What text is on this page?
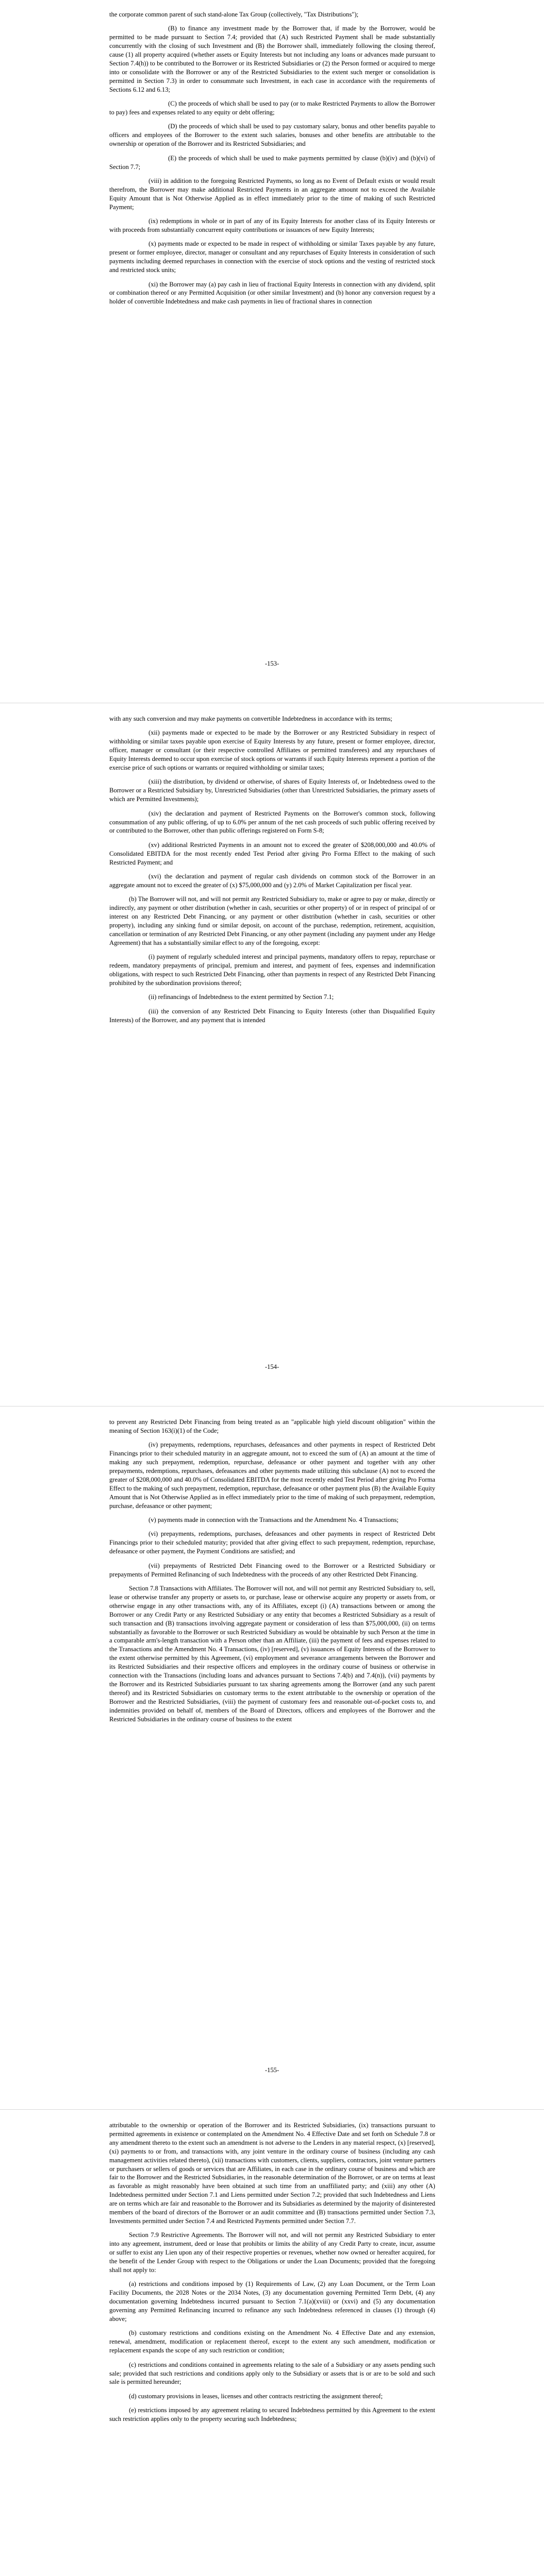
the corporate common parent of such stand-alone Tax Group (collectively, "Tax Distributions");

(B) to finance any investment made by the Borrower that, if made by the Borrower, would be permitted to be made pursuant to Section 7.4; provided that (A) such Restricted Payment shall be made substantially concurrently with the closing of such Investment and (B) the Borrower shall, immediately following the closing thereof, cause (1) all property acquired (whether assets or Equity Interests but not including any loans or advances made pursuant to Section 7.4(h)) to be contributed to the Borrower or its Restricted Subsidiaries or (2) the Person formed or acquired to merge into or consolidate with the Borrower or any of the Restricted Subsidiaries to the extent such merger or consolidation is permitted in Section 7.3) in order to consummate such Investment, in each case in accordance with the requirements of Sections 6.12 and 6.13;

(C) the proceeds of which shall be used to pay (or to make Restricted Payments to allow the Borrower to pay) fees and expenses related to any equity or debt offering;

(D) the proceeds of which shall be used to pay customary salary, bonus and other benefits payable to officers and employees of the Borrower to the extent such salaries, bonuses and other benefits are attributable to the ownership or operation of the Borrower and its Restricted Subsidiaries; and

(E) the proceeds of which shall be used to make payments permitted by clause (b)(iv) and (b)(vi) of Section 7.7;

(viii) in addition to the foregoing Restricted Payments, so long as no Event of Default exists or would result therefrom, the Borrower may make additional Restricted Payments in an aggregate amount not to exceed the Available Equity Amount that is Not Otherwise Applied as in effect immediately prior to the time of making of such Restricted Payment;

(ix) redemptions in whole or in part of any of its Equity Interests for another class of its Equity Interests or with proceeds from substantially concurrent equity contributions or issuances of new Equity Interests;

(x) payments made or expected to be made in respect of withholding or similar Taxes payable by any future, present or former employee, director, manager or consultant and any repurchases of Equity Interests in consideration of such payments including deemed repurchases in connection with the exercise of stock options and the vesting of restricted stock and restricted stock units;

(xi) the Borrower may (a) pay cash in lieu of fractional Equity Interests in connection with any dividend, split or combination thereof or any Permitted Acquisition (or other similar Investment) and (b) honor any conversion request by a holder of convertible Indebtedness and make cash payments in lieu of fractional shares in connection

-153-

with any such conversion and may make payments on convertible Indebtedness in accordance with its terms;

(xii) payments made or expected to be made by the Borrower or any Restricted Subsidiary in respect of withholding or similar taxes payable upon exercise of Equity Interests by any future, present or former employee, director, officer, manager or consultant (or their respective controlled Affiliates or permitted transferees) and any repurchases of Equity Interests deemed to occur upon exercise of stock options or warrants if such Equity Interests represent a portion of the exercise price of such options or warrants or required withholding or similar taxes;

(xiii) the distribution, by dividend or otherwise, of shares of Equity Interests of, or Indebtedness owed to the Borrower or a Restricted Subsidiary by, Unrestricted Subsidiaries (other than Unrestricted Subsidiaries, the primary assets of which are Permitted Investments);

(xiv) the declaration and payment of Restricted Payments on the Borrower's common stock, following consummation of any public offering, of up to 6.0% per annum of the net cash proceeds of such public offering received by or contributed to the Borrower, other than public offerings registered on Form S-8;

(xv) additional Restricted Payments in an amount not to exceed the greater of $208,000,000 and 40.0% of Consolidated EBITDA for the most recently ended Test Period after giving Pro Forma Effect to the making of such Restricted Payment; and

(xvi) the declaration and payment of regular cash dividends on common stock of the Borrower in an aggregate amount not to exceed the greater of (x) $75,000,000 and (y) 2.0% of Market Capitalization per fiscal year.

(b) The Borrower will not, and will not permit any Restricted Subsidiary to, make or agree to pay or make, directly or indirectly, any payment or other distribution (whether in cash, securities or other property) of or in respect of principal of or interest on any Restricted Debt Financing, or any payment or other distribution (whether in cash, securities or other property), including any sinking fund or similar deposit, on account of the purchase, redemption, retirement, acquisition, cancellation or termination of any Restricted Debt Financing, or any other payment (including any payment under any Hedge Agreement) that has a substantially similar effect to any of the foregoing, except:

(i) payment of regularly scheduled interest and principal payments, mandatory offers to repay, repurchase or redeem, mandatory prepayments of principal, premium and interest, and payment of fees, expenses and indemnification obligations, with respect to such Restricted Debt Financing, other than payments in respect of any Restricted Debt Financing prohibited by the subordination provisions thereof;

(ii) refinancings of Indebtedness to the extent permitted by Section 7.1;

(iii) the conversion of any Restricted Debt Financing to Equity Interests (other than Disqualified Equity Interests) of the Borrower, and any payment that is intended

-154-

to prevent any Restricted Debt Financing from being treated as an "applicable high yield discount obligation" within the meaning of Section 163(i)(1) of the Code;

(iv) prepayments, redemptions, repurchases, defeasances and other payments in respect of Restricted Debt Financings prior to their scheduled maturity in an aggregate amount, not to exceed the sum of (A) an amount at the time of making any such prepayment, redemption, repurchase, defeasance or other payment and together with any other prepayments, redemptions, repurchases, defeasances and other payments made utilizing this subclause (A) not to exceed the greater of $208,000,000 and 40.0% of Consolidated EBITDA for the most recently ended Test Period after giving Pro Forma Effect to the making of such prepayment, redemption, repurchase, defeasance or other payment plus (B) the Available Equity Amount that is Not Otherwise Applied as in effect immediately prior to the time of making of such prepayment, redemption, purchase, defeasance or other payment;

(v) payments made in connection with the Transactions and the Amendment No. 4 Transactions;

(vi) prepayments, redemptions, purchases, defeasances and other payments in respect of Restricted Debt Financings prior to their scheduled maturity; provided that after giving effect to such prepayment, redemption, repurchase, defeasance or other payment, the Payment Conditions are satisfied; and

(vii) prepayments of Restricted Debt Financing owed to the Borrower or a Restricted Subsidiary or prepayments of Permitted Refinancing of such Indebtedness with the proceeds of any other Restricted Debt Financing.

Section 7.8 Transactions with Affiliates. The Borrower will not, and will not permit any Restricted Subsidiary to, sell, lease or otherwise transfer any property or assets to, or purchase, lease or otherwise acquire any property or assets from, or otherwise engage in any other transactions with, any of its Affiliates, except (i) (A) transactions between or among the Borrower or any Credit Party or any Restricted Subsidiary or any entity that becomes a Restricted Subsidiary as a result of such transaction and (B) transactions involving aggregate payment or consideration of less than $75,000,000, (ii) on terms substantially as favorable to the Borrower or such Restricted Subsidiary as would be obtainable by such Person at the time in a comparable arm's-length transaction with a Person other than an Affiliate, (iii) the payment of fees and expenses related to the Transactions and the Amendment No. 4 Transactions, (iv) [reserved], (v) issuances of Equity Interests of the Borrower to the extent otherwise permitted by this Agreement, (vi) employment and severance arrangements between the Borrower and its Restricted Subsidiaries and their respective officers and employees in the ordinary course of business or otherwise in connection with the Transactions (including loans and advances pursuant to Sections 7.4(b) and 7.4(n)), (vii) payments by the Borrower and its Restricted Subsidiaries pursuant to tax sharing agreements among the Borrower (and any such parent thereof) and its Restricted Subsidiaries on customary terms to the extent attributable to the ownership or operation of the Borrower and the Restricted Subsidiaries, (viii) the payment of customary fees and reasonable out-of-pocket costs to, and indemnities provided on behalf of, members of the Board of Directors, officers and employees of the Borrower and the Restricted Subsidiaries in the ordinary course of business to the extent

-155-

attributable to the ownership or operation of the Borrower and its Restricted Subsidiaries, (ix) transactions pursuant to permitted agreements in existence or contemplated on the Amendment No. 4 Effective Date and set forth on Schedule 7.8 or any amendment thereto to the extent such an amendment is not adverse to the Lenders in any material respect, (x) [reserved], (xi) payments to or from, and transactions with, any joint venture in the ordinary course of business (including any cash management activities related thereto), (xii) transactions with customers, clients, suppliers, contractors, joint venture partners or purchasers or sellers of goods or services that are Affiliates, in each case in the ordinary course of business and which are fair to the Borrower and the Restricted Subsidiaries, in the reasonable determination of the Borrower, or are on terms at least as favorable as might reasonably have been obtained at such time from an unaffiliated party; and (xiii) any other (A) Indebtedness permitted under Section 7.1 and Liens permitted under Section 7.2; provided that such Indebtedness and Liens are on terms which are fair and reasonable to the Borrower and its Subsidiaries as determined by the majority of disinterested members of the board of directors of the Borrower or an audit committee and (B) transactions permitted under Section 7.3, Investments permitted under Section 7.4 and Restricted Payments permitted under Section 7.7.

Section 7.9 Restrictive Agreements. The Borrower will not, and will not permit any Restricted Subsidiary to enter into any agreement, instrument, deed or lease that prohibits or limits the ability of any Credit Party to create, incur, assume or suffer to exist any Lien upon any of their respective properties or revenues, whether now owned or hereafter acquired, for the benefit of the Lender Group with respect to the Obligations or under the Loan Documents; provided that the foregoing shall not apply to:

(a) restrictions and conditions imposed by (1) Requirements of Law, (2) any Loan Document, or the Term Loan Facility Documents, the 2028 Notes or the 2034 Notes, (3) any documentation governing Permitted Term Debt, (4) any documentation governing Indebtedness incurred pursuant to Section 7.1(a)(xviii) or (xxvi) and (5) any documentation governing any Permitted Refinancing incurred to refinance any such Indebtedness referenced in clauses (1) through (4) above;

(b) customary restrictions and conditions existing on the Amendment No. 4 Effective Date and any extension, renewal, amendment, modification or replacement thereof, except to the extent any such amendment, modification or replacement expands the scope of any such restriction or condition;

(c) restrictions and conditions contained in agreements relating to the sale of a Subsidiary or any assets pending such sale; provided that such restrictions and conditions apply only to the Subsidiary or assets that is or are to be sold and such sale is permitted hereunder;

(d) customary provisions in leases, licenses and other contracts restricting the assignment thereof;

(e) restrictions imposed by any agreement relating to secured Indebtedness permitted by this Agreement to the extent such restriction applies only to the property securing such Indebtedness;
